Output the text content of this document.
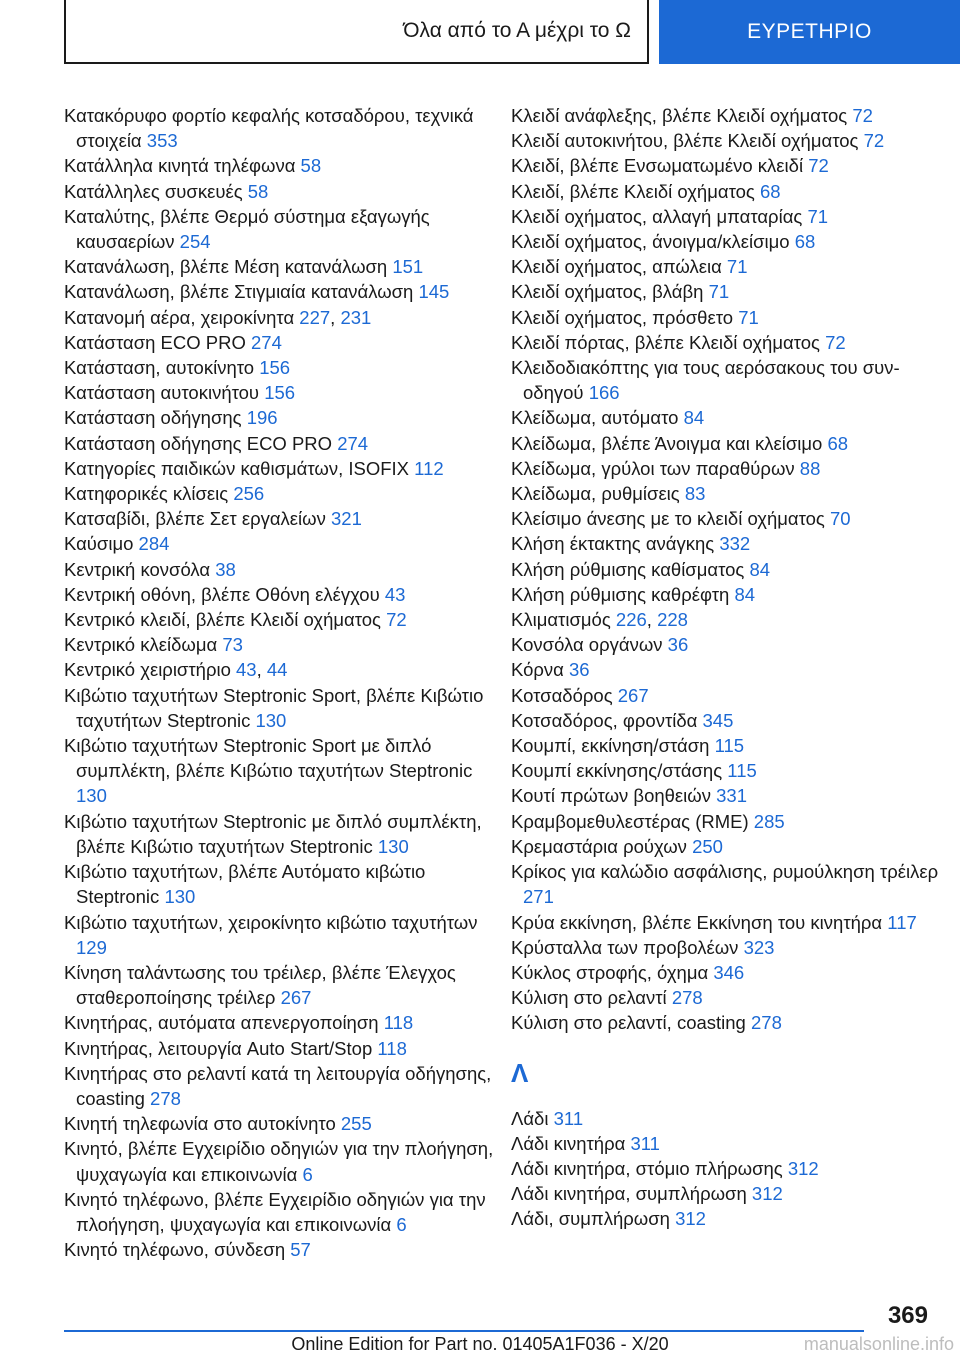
Όλα από το Α μέχρι το Ω	ΕΥΡΕΤΗΡΙΟ

Κατακόρυφο φορτίο κεφαλής κοτσαδόρου, τεχνικά στοιχεία 353

Κατάλληλα κινητά τηλέφωνα 58

Κατάλληλες συσκευές 58

Καταλύτης, βλέπε Θερμό σύστημα εξαγωγής καυσαερίων 254

Κατανάλωση, βλέπε Μέση κατανάλωση 151

Κατανάλωση, βλέπε Στιγμιαία κατανάλωση 145

Κατανομή αέρα, χειροκίνητα 227, 231

Κατάσταση ECO PRO 274

Κατάσταση, αυτοκίνητο 156

Κατάσταση αυτοκινήτου 156

Κατάσταση οδήγησης 196

Κατάσταση οδήγησης ECO PRO 274

Κατηγορίες παιδικών καθισμάτων, ISOFIX 112

Κατηφορικές κλίσεις 256

Κατσαβίδι, βλέπε Σετ εργαλείων 321

Καύσιμο 284

Κεντρική κονσόλα 38

Κεντρική οθόνη, βλέπε Οθόνη ελέγχου 43

Κεντρικό κλειδί, βλέπε Κλειδί οχήματος 72

Κεντρικό κλείδωμα 73

Κεντρικό χειριστήριο 43, 44

Κιβώτιο ταχυτήτων Steptronic Sport, βλέπε Κιβώτιο ταχυτήτων Steptronic 130

Κιβώτιο ταχυτήτων Steptronic Sport με διπλό συμπλέκτη, βλέπε Κιβώτιο ταχυτήτων Steptronic 130

Κιβώτιο ταχυτήτων Steptronic με διπλό συμπλέκτη, βλέπε Κιβώτιο ταχυτήτων Steptronic 130

Κιβώτιο ταχυτήτων, βλέπε Αυτόματο κιβώτιο Steptronic 130

Κιβώτιο ταχυτήτων, χειροκίνητο κιβώτιο ταχυτήτων 129

Κίνηση ταλάντωσης του τρέιλερ, βλέπε Έλεγχος σταθεροποίησης τρέιλερ 267

Κινητήρας, αυτόματα απενεργοποίηση 118

Κινητήρας, λειτουργία Auto Start/Stop 118

Κινητήρας στο ρελαντί κατά τη λειτουργία οδήγησης, coasting 278

Κινητή τηλεφωνία στο αυτοκίνητο 255

Κινητό, βλέπε Εγχειρίδιο οδηγιών για την πλοήγηση, ψυχαγωγία και επικοινωνία 6

Κινητό τηλέφωνο, βλέπε Εγχειρίδιο οδηγιών για την πλοήγηση, ψυχαγωγία και επικοινωνία 6

Κινητό τηλέφωνο, σύνδεση 57

Κλειδί ανάφλεξης, βλέπε Κλειδί οχήματος 72

Κλειδί αυτοκινήτου, βλέπε Κλειδί οχήματος 72

Κλειδί, βλέπε Ενσωματωμένο κλειδί 72

Κλειδί, βλέπε Κλειδί οχήματος 68

Κλειδί οχήματος, αλλαγή μπαταρίας 71

Κλειδί οχήματος, άνοιγμα/κλείσιμο 68

Κλειδί οχήματος, απώλεια 71

Κλειδί οχήματος, βλάβη 71

Κλειδί οχήματος, πρόσθετο 71

Κλειδί πόρτας, βλέπε Κλειδί οχήματος 72

Κλειδοδιακόπτης για τους αερόσακους του συνοδηγού 166

Κλείδωμα, αυτόματο 84

Κλείδωμα, βλέπε Άνοιγμα και κλείσιμο 68

Κλείδωμα, γρύλοι των παραθύρων 88

Κλείδωμα, ρυθμίσεις 83

Κλείσιμο άνεσης με το κλειδί οχήματος 70

Κλήση έκτακτης ανάγκης 332

Κλήση ρύθμισης καθίσματος 84

Κλήση ρύθμισης καθρέφτη 84

Κλιματισμός 226, 228

Κονσόλα οργάνων 36

Κόρνα 36

Κοτσαδόρος 267

Κοτσαδόρος, φροντίδα 345

Κουμπί, εκκίνηση/στάση 115

Κουμπί εκκίνησης/στάσης 115

Κουτί πρώτων βοηθειών 331

Κραμβομεθυλεστέρας (RME) 285

Κρεμαστάρια ρούχων 250

Κρίκος για καλώδιο ασφάλισης, ρυμούλκηση τρέιλερ 271

Κρύα εκκίνηση, βλέπε Εκκίνηση του κινητήρα 117

Κρύσταλλα των προβολέων 323

Κύκλος στροφής, όχημα 346

Κύλιση στο ρελαντί 278

Κύλιση στο ρελαντί, coasting 278

Λ

Λάδι 311

Λάδι κινητήρα 311

Λάδι κινητήρα, στόμιο πλήρωσης 312

Λάδι κινητήρα, συμπλήρωση 312

Λάδι, συμπλήρωση 312

369
Online Edition for Part no. 01405A1F036 - X/20	manualsonline.info
